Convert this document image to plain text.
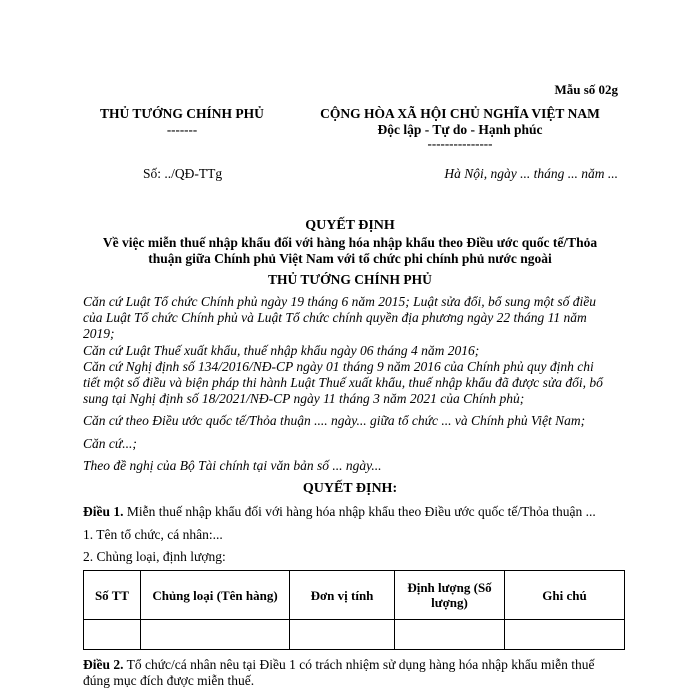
Mẫu số 02g
THỦ TƯỚNG CHÍNH PHỦ
-------
CỘNG HÒA XÃ HỘI CHỦ NGHĨA VIỆT NAM
Độc lập - Tự do - Hạnh phúc
---------------
Số: ../QĐ-TTg	Hà Nội, ngày ... tháng ... năm ...
QUYẾT ĐỊNH
Về việc miễn thuế nhập khẩu đối với hàng hóa nhập khẩu theo Điều ước quốc tế/Thỏa
thuận giữa Chính phủ Việt Nam với tổ chức phi chính phủ nước ngoài
THỦ TƯỚNG CHÍNH PHỦ
Căn cứ Luật Tổ chức Chính phủ ngày 19 tháng 6 năm 2015; Luật sửa đổi, bổ sung một số điều
của Luật Tổ chức Chính phủ và Luật Tổ chức chính quyền địa phương ngày 22 tháng 11 năm
2019;
Căn cứ Luật Thuế xuất khẩu, thuế nhập khẩu ngày 06 tháng 4 năm 2016;
Căn cứ Nghị định số 134/2016/NĐ-CP ngày 01 tháng 9 năm 2016 của Chính phủ quy định chi
tiết một số điều và biện pháp thi hành Luật Thuế xuất khẩu, thuế nhập khẩu đã được sửa đổi, bổ
sung tại Nghị định số 18/2021/NĐ-CP ngày 11 tháng 3 năm 2021 của Chính phủ;
Căn cứ theo Điều ước quốc tế/Thỏa thuận .... ngày... giữa tổ chức ... và Chính phủ Việt Nam;
Căn cứ...;
Theo đề nghị của Bộ Tài chính tại văn bản số ... ngày...
QUYẾT ĐỊNH:
Điều 1. Miễn thuế nhập khẩu đối với hàng hóa nhập khẩu theo Điều ước quốc tế/Thỏa thuận ...
1. Tên tổ chức, cá nhân:...
2. Chủng loại, định lượng:
Số TT	Chủng loại (Tên hàng)	Đơn vị tính	Định lượng (Số lượng)	Ghi chú

Điều 2. Tổ chức/cá nhân nêu tại Điều 1 có trách nhiệm sử dụng hàng hóa nhập khẩu miễn thuế
đúng mục đích được miễn thuế.
